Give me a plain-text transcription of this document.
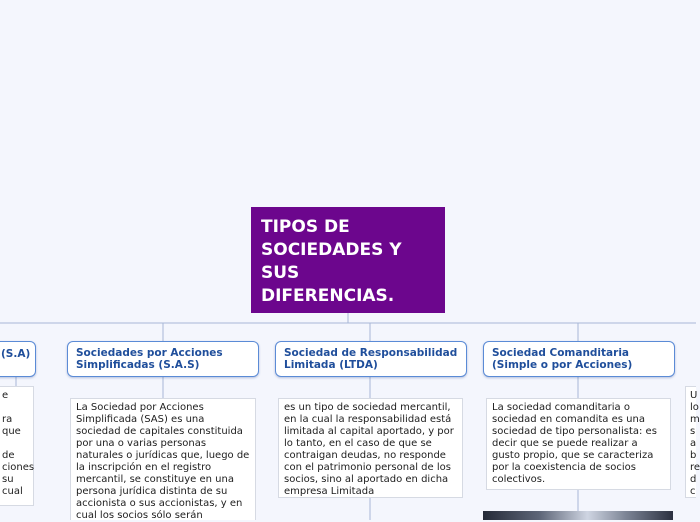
TIPOS DE
SOCIEDADES Y
SUS
DIFERENCIAS.
(S.A)	Sociedades por Acciones
Simplificadas (S.A.S)
Sociedad de Responsabilidad
Limitada (LTDA)
Sociedad Comanditaria
(Simple o por Acciones)
e

ra que

de
ciones
su
cual
La Sociedad por Acciones
Simplificada (SAS) es una
sociedad de capitales constituida
por una o varias personas
naturales o jurídicas que, luego de
la inscripción en el registro
mercantil, se constituye en una
persona jurídica distinta de su
accionista o sus accionistas, y en
cual los socios sólo serán
es un tipo de sociedad mercantil,
en la cual la responsabilidad está
limitada al capital aportado, y por
lo tanto, en el caso de que se
contraigan deudas, no responde
con el patrimonio personal de los
socios, sino al aportado en dicha
empresa Limitada
La sociedad comanditaria o
sociedad en comandita es una
sociedad de tipo personalista: es
decir que se puede realizar a
gusto propio, que se caracteriza
por la coexistencia de socios
colectivos.
U
lo
m
s
a
b
re
d
c
